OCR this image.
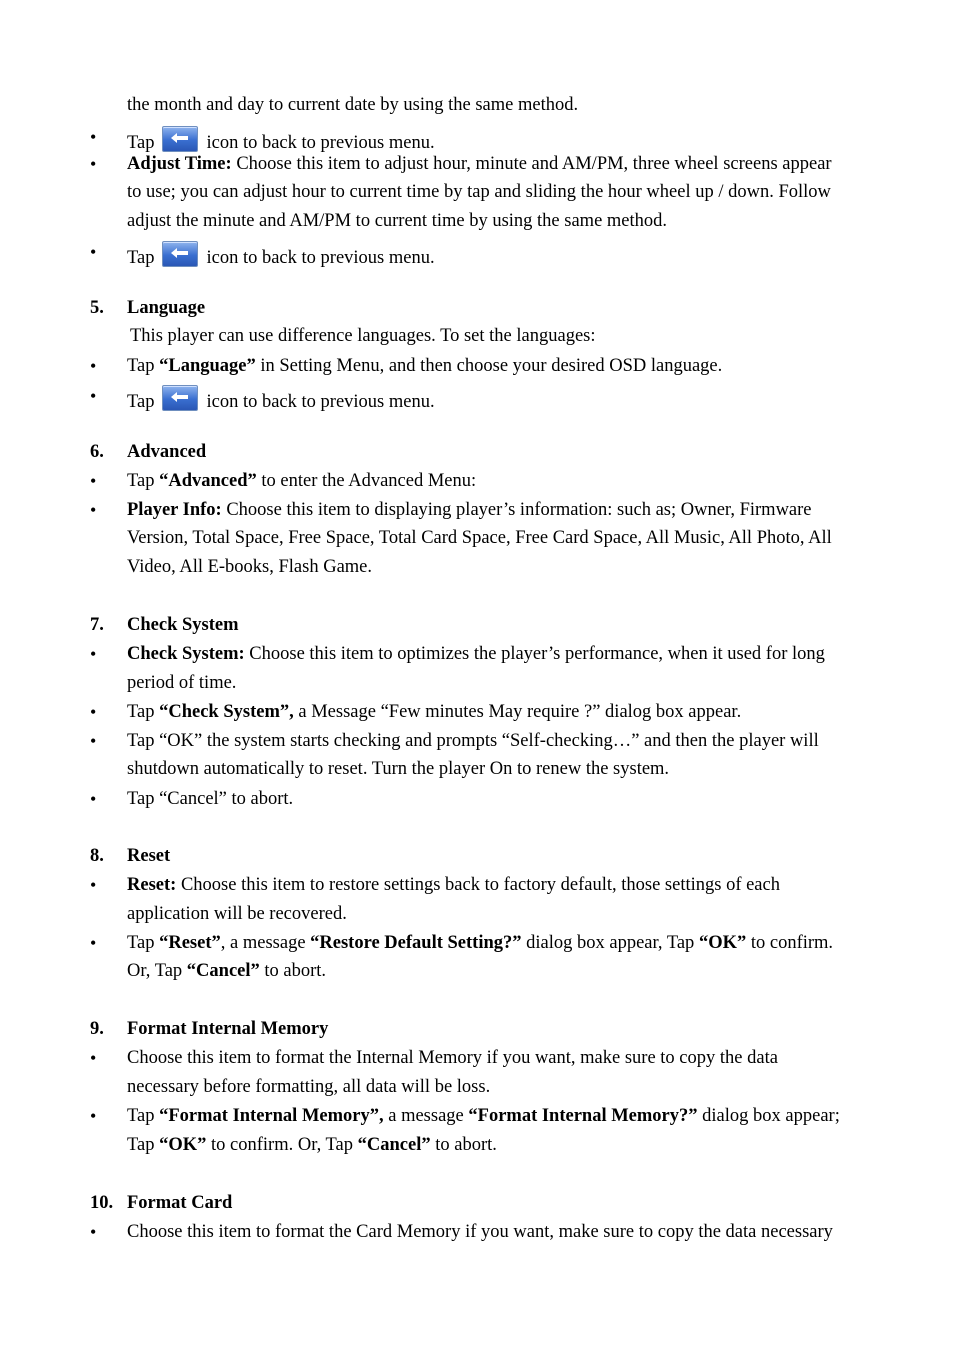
the month and day to current date by using the same method.
• Tap	icon to back to previous menu.
• Adjust Time: Choose this item to adjust hour, minute and AM/PM, three wheel screens appear
to use; you can adjust hour to current time by tap and sliding the hour wheel up / down. Follow
adjust the minute and AM/PM to current time by using the same method.
• Tap	icon to back to previous menu.
5. Language
This player can use difference languages. To set the languages:
• Tap “Language” in Setting Menu, and then choose your desired OSD language.
• Tap	icon to back to previous menu.
6. Advanced
• Tap “Advanced” to enter the Advanced Menu:
• Player Info: Choose this item to displaying player’s information: such as; Owner, Firmware
Version, Total Space, Free Space, Total Card Space, Free Card Space, All Music, All Photo, All
Video, All E-books, Flash Game.
7. Check System
• Check System: Choose this item to optimizes the player’s performance, when it used for long
period of time.
• Tap “Check System”, a Message “Few minutes May require ?” dialog box appear.
• Tap “OK” the system starts checking and prompts “Self-checking…” and then the player will
shutdown automatically to reset. Turn the player On to renew the system.
• Tap “Cancel” to abort.
8. Reset
• Reset: Choose this item to restore settings back to factory default, those settings of each
application will be recovered.
• Tap “Reset”, a message “Restore Default Setting?” dialog box appear, Tap “OK” to confirm.
Or, Tap “Cancel” to abort.
9. Format Internal Memory
• Choose this item to format the Internal Memory if you want, make sure to copy the data
necessary before formatting, all data will be loss.
• Tap “Format Internal Memory”, a message “Format Internal Memory?” dialog box appear;
Tap “OK” to confirm. Or, Tap “Cancel” to abort.
10. Format Card
• Choose this item to format the Card Memory if you want, make sure to copy the data necessary
